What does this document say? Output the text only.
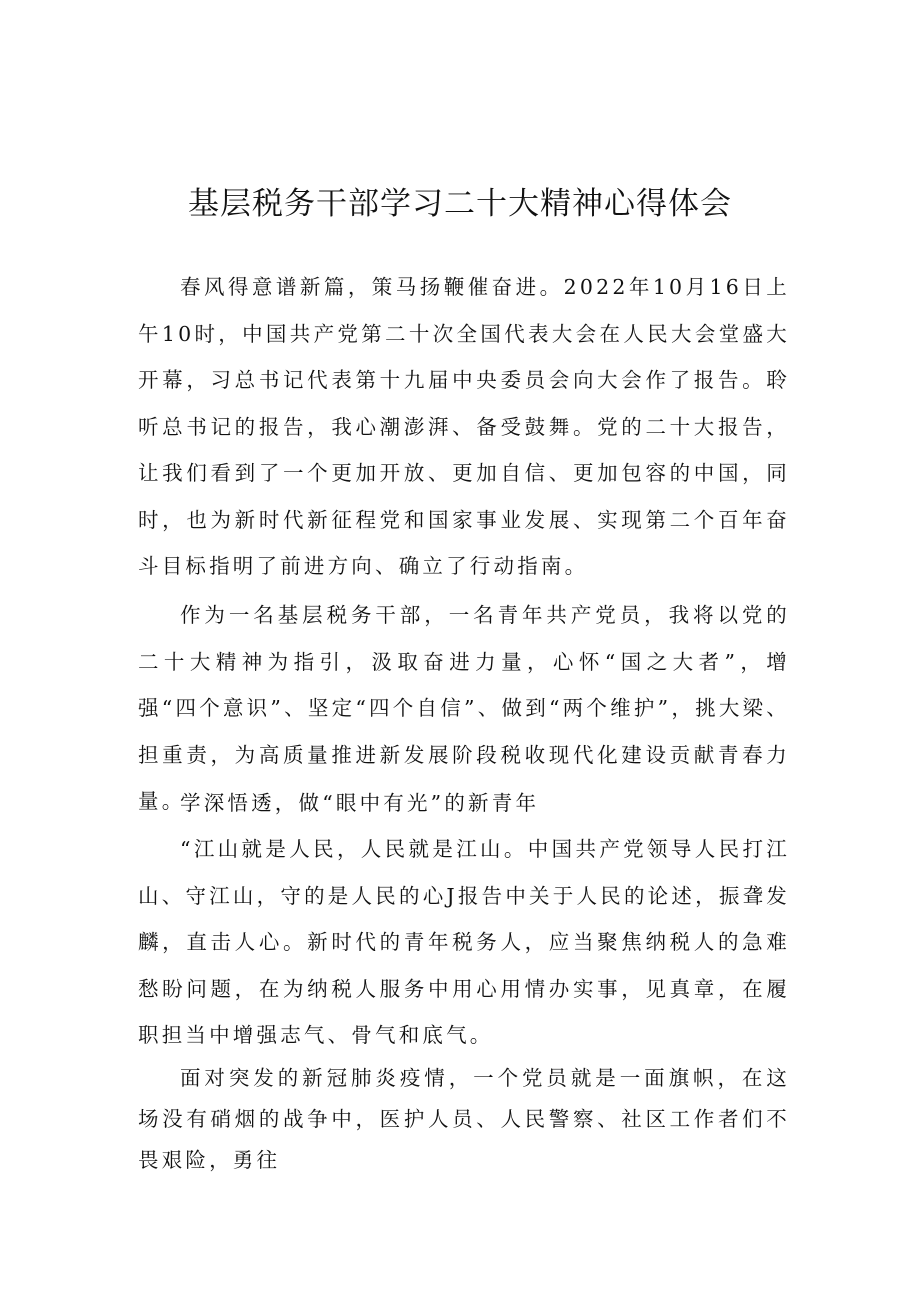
基层税务干部学习二十大精神心得体会

春风得意谱新篇，策马扬鞭催奋进。2022年10月16日上午10时，中国共产党第二十次全国代表大会在人民大会堂盛大开幕，习总书记代表第十九届中央委员会向大会作了报告。聆听总书记的报告，我心潮澎湃、备受鼓舞。党的二十大报告，让我们看到了一个更加开放、更加自信、更加包容的中国，同时，也为新时代新征程党和国家事业发展、实现第二个百年奋斗目标指明了前进方向、确立了行动指南。

作为一名基层税务干部，一名青年共产党员，我将以党的二十大精神为指引，汲取奋进力量，心怀“国之大者”，增强“四个意识”、坚定“四个自信”、做到“两个维护”，挑大梁、担重责，为高质量推进新发展阶段税收现代化建设贡献青春力量。

学深悟透，做“眼中有光”的新青年

“江山就是人民，人民就是江山。中国共产党领导人民打江山、守江山，守的是人民的心J报告中关于人民的论述，振聋发麟，直击人心。新时代的青年税务人，应当聚焦纳税人的急难愁盼问题，在为纳税人服务中用心用情办实事，见真章，在履职担当中增强志气、骨气和底气。

面对突发的新冠肺炎疫情，一个党员就是一面旗帜，在这场没有硝烟的战争中，医护人员、人民警察、社区工作者们不畏艰险，勇往
